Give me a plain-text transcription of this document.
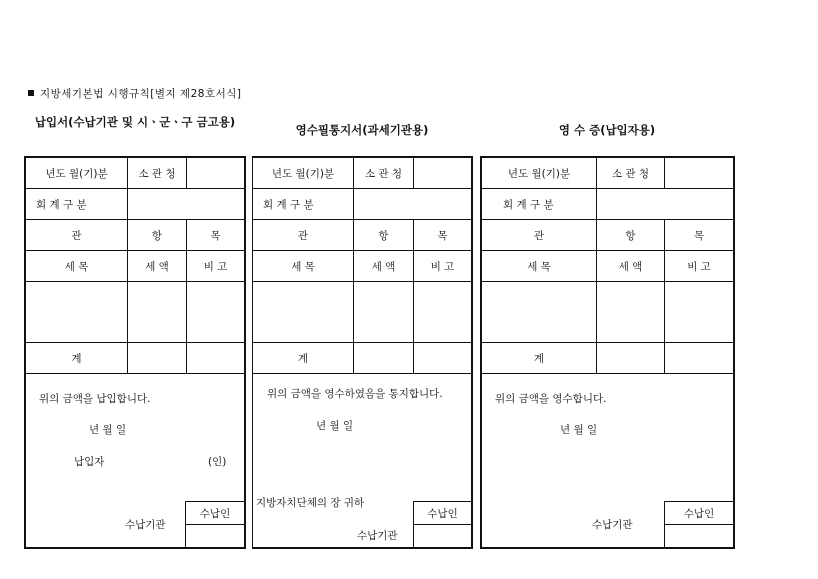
지방세기본법 시행규칙[별지 제28호서식]
납입서(수납기관 및 시ㆍ군ㆍ구 금고용)
영수필통지서(과세기관용)	영 수 증(납입자용)
년도 월(기)분	소 관 청
회 계 구 분
관	항	목
세 목	세 액	비 고
계
위의 금액을 납입합니다.
년 월 일
납입자	(인)
수납기관
수납인
년도 월(기)분	소 관 청
회 계 구 분
관	항	목
세 목	세 액	비 고
계
위의 금액을 영수하였음을 통지합니다.
년 월 일
지방자치단체의 장 귀하
수납기관
수납인
년도 월(기)분	소 관 청
회 계 구 분
관	항	목
세 목	세 액	비 고
계
위의 금액을 영수합니다.
년 월 일
수납기관
수납인
